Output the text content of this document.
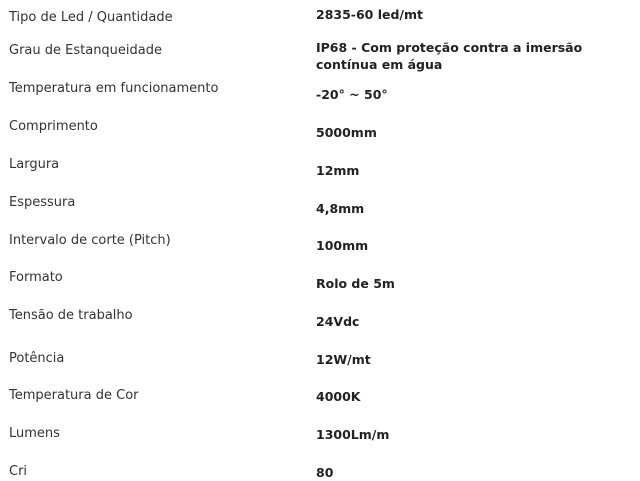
Tipo de Led / Quantidade	2835-60 led/mt
Grau de Estanqueidade	IP68 - Com proteção contra a imersão contínua em água
Temperatura em funcionamento	-20° ~ 50°
Comprimento	5000mm
Largura	12mm
Espessura	4,8mm
Intervalo de corte (Pitch)	100mm
Formato	Rolo de 5m
Tensão de trabalho	24Vdc
Potência	12W/mt
Temperatura de Cor	4000K
Lumens	1300Lm/m
Cri	80
